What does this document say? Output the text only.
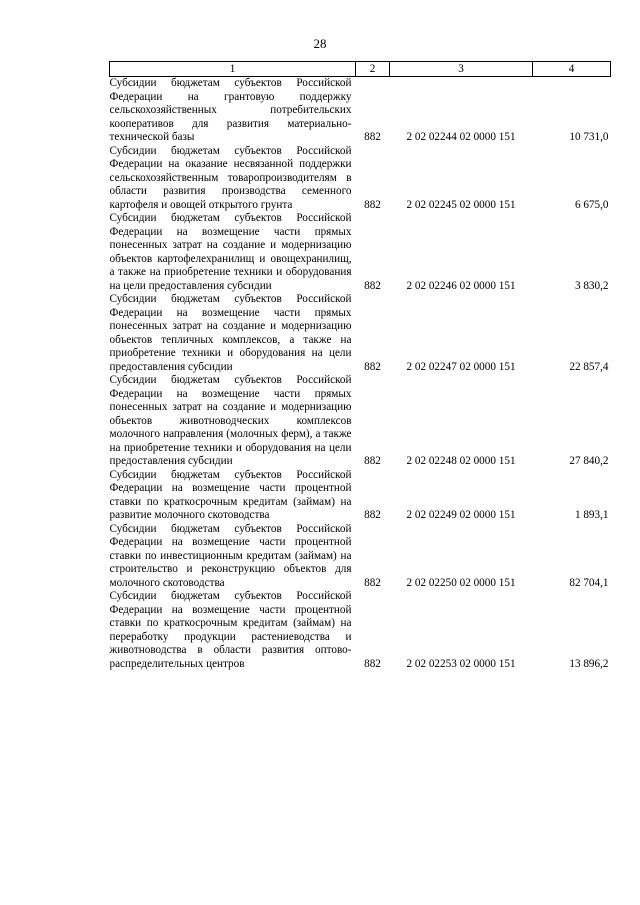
28
1	2	3	4

Субсидии бюджетам субъектов Российской Федерации на грантовую поддержку сельскохозяйственных потребительских кооперативов для развития материально-технической базы	882	2 02 02244 02 0000 151	10 731,0

Субсидии бюджетам субъектов Российской Федерации на оказание несвязанной поддержки сельскохозяйственным товаропроизводителям в области развития производства семенного картофеля и овощей открытого грунта	882	2 02 02245 02 0000 151	6 675,0

Субсидии бюджетам субъектов Российской Федерации на возмещение части прямых понесенных затрат на создание и модернизацию объектов картофелехранилищ и овощехранилищ, а также на приобретение техники и оборудования на цели предоставления субсидии	882	2 02 02246 02 0000 151	3 830,2

Субсидии бюджетам субъектов Российской Федерации на возмещение части прямых понесенных затрат на создание и модернизацию объектов тепличных комплексов, а также на приобретение техники и оборудования на цели предоставления субсидии	882	2 02 02247 02 0000 151	22 857,4

Субсидии бюджетам субъектов Российской Федерации на возмещение части прямых понесенных затрат на создание и модернизацию объектов животноводческих комплексов молочного направления (молочных ферм), а также на приобретение техники и оборудования на цели предоставления субсидии	882	2 02 02248 02 0000 151	27 840,2

Субсидии бюджетам субъектов Российской Федерации на возмещение части процентной ставки по краткосрочным кредитам (займам) на развитие молочного скотоводства	882	2 02 02249 02 0000 151	1 893,1

Субсидии бюджетам субъектов Российской Федерации на возмещение части процентной ставки по инвестиционным кредитам (займам) на строительство и реконструкцию объектов для молочного скотоводства	882	2 02 02250 02 0000 151	82 704,1

Субсидии бюджетам субъектов Российской Федерации на возмещение части процентной ставки по краткосрочным кредитам (займам) на переработку продукции растениеводства и животноводства в области развития оптово-распределительных центров	882	2 02 02253 02 0000 151	13 896,2
